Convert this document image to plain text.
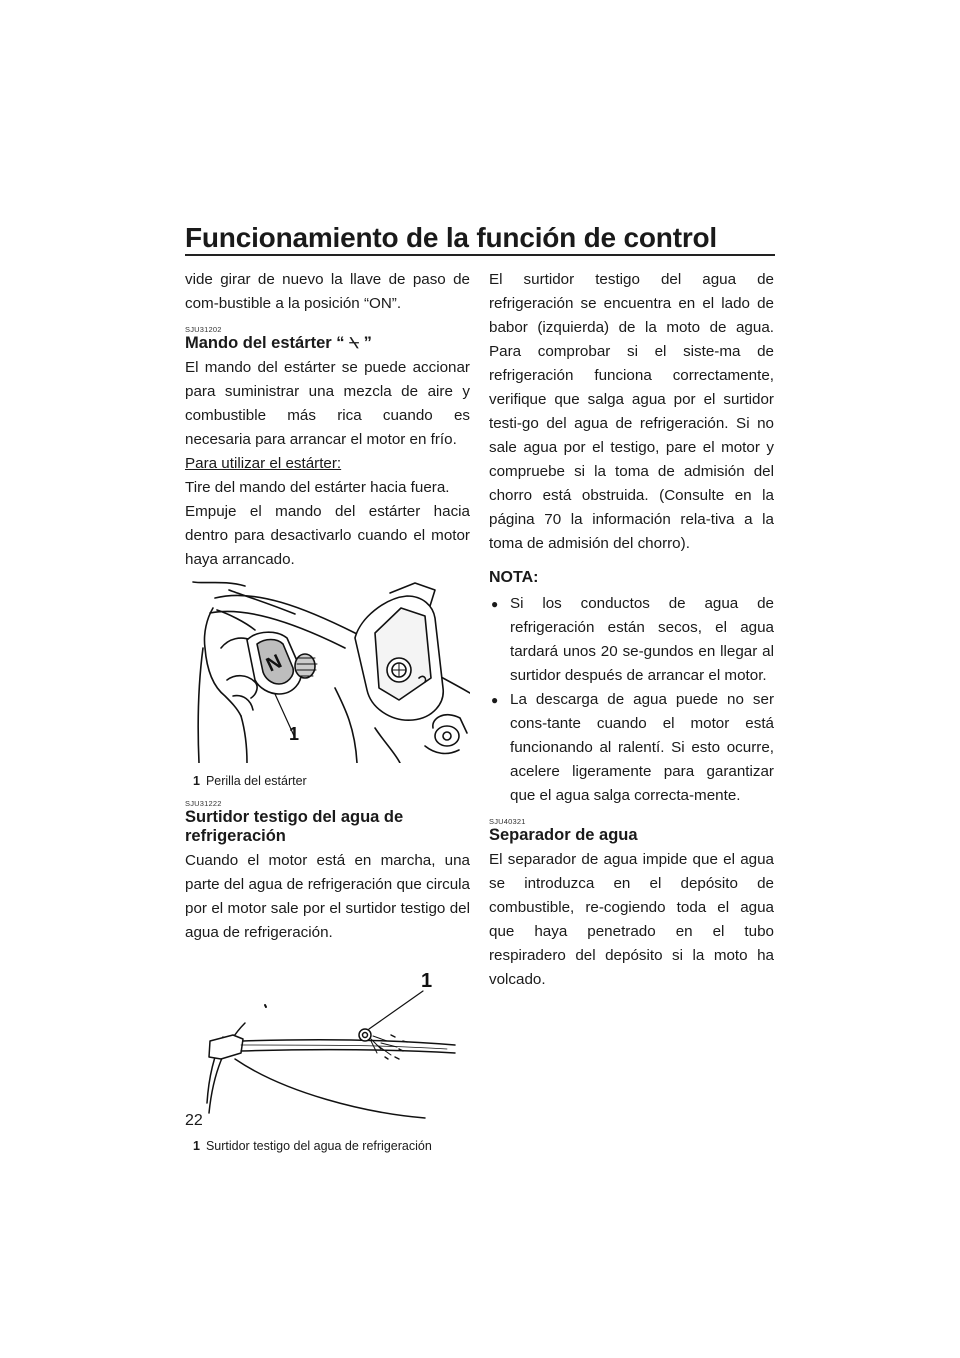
Funcionamiento de la función de control

vide girar de nuevo la llave de paso de com-bustible a la posición “ON”.

SJU31202
Mando del estárter “ ⍀ ”

El mando del estárter se puede accionar para suministrar una mezcla de aire y combustible más rica cuando es necesaria para arrancar el motor en frío.

Para utilizar el estárter:

Tire del mando del estárter hacia fuera.

Empuje el mando del estárter hacia dentro para desactivarlo cuando el motor haya arrancado.

N
1
1 Perilla del estárter
SJU31222
Surtidor testigo del agua de refrigeración

Cuando el motor está en marcha, una parte del agua de refrigeración que circula por el motor sale por el surtidor testigo del agua de refrigeración.

1
1 Surtidor testigo del agua de refrigeración

El surtidor testigo del agua de refrigeración se encuentra en el lado de babor (izquierda) de la moto de agua. Para comprobar si el siste-ma de refrigeración funciona correctamente, verifique que salga agua por el surtidor testi-go del agua de refrigeración. Si no sale agua por el testigo, pare el motor y compruebe si la toma de admisión del chorro está obstruida. (Consulte en la página 70 la información rela-tiva a la toma de admisión del chorro).

NOTA:
● Si los conductos de agua de refrigeración están secos, el agua tardará unos 20 se-gundos en llegar al surtidor después de arrancar el motor.
● La descarga de agua puede no ser cons-tante cuando el motor está funcionando al ralentí. Si esto ocurre, acelere ligeramente para garantizar que el agua salga correcta-mente.
SJU40321
Separador de agua

El separador de agua impide que el agua se introduzca en el depósito de combustible, re-cogiendo toda el agua que haya penetrado en el tubo respiradero del depósito si la moto ha volcado.

22
